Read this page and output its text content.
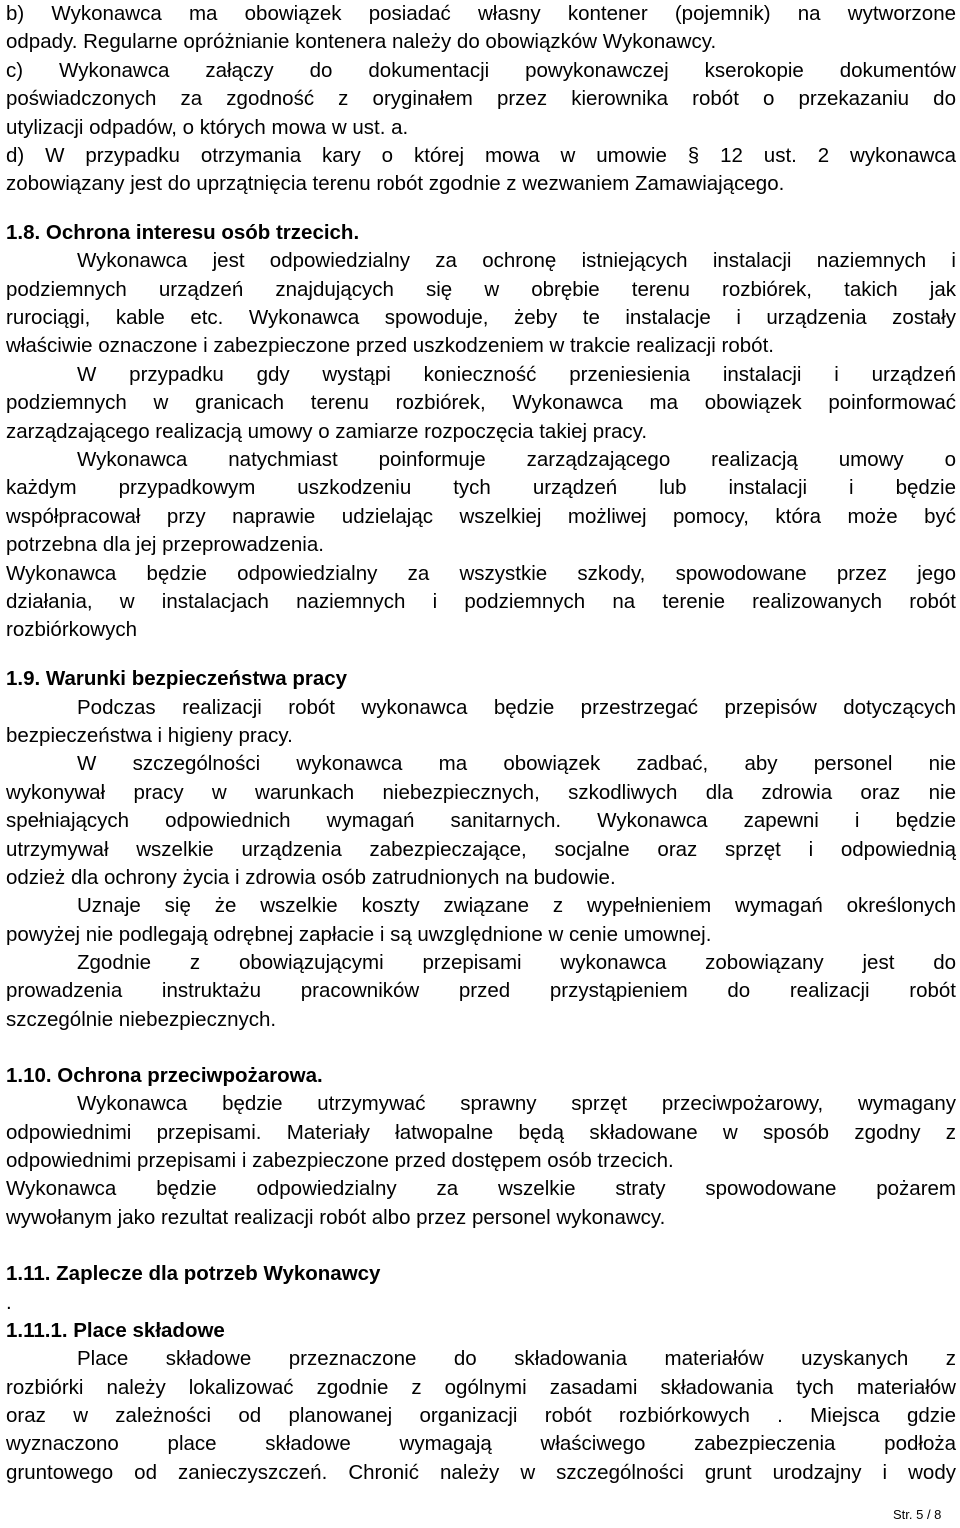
b) Wykonawca ma obowiązek posiadać własny kontener (pojemnik) na wytworzone
odpady. Regularne opróżnianie kontenera należy do obowiązków Wykonawcy.
c) Wykonawca załączy do dokumentacji powykonawczej kserokopie dokumentów
poświadczonych za zgodność z oryginałem przez kierownika robót o przekazaniu do
utylizacji odpadów, o których mowa w ust. a.
d) W przypadku otrzymania kary o której mowa w umowie § 12 ust. 2 wykonawca
zobowiązany jest do uprzątnięcia terenu robót zgodnie z wezwaniem Zamawiającego.
1.8. Ochrona interesu osób trzecich.
Wykonawca jest odpowiedzialny za ochronę istniejących instalacji naziemnych i
podziemnych urządzeń znajdujących się w obrębie terenu rozbiórek, takich jak
rurociągi, kable etc. Wykonawca spowoduje, żeby te instalacje i urządzenia zostały
właściwie oznaczone i zabezpieczone przed uszkodzeniem w trakcie realizacji robót.
W przypadku gdy wystąpi konieczność przeniesienia instalacji i urządzeń
podziemnych w granicach terenu rozbiórek, Wykonawca ma obowiązek poinformować
zarządzającego realizacją umowy o zamiarze rozpoczęcia takiej pracy.
Wykonawca natychmiast poinformuje zarządzającego realizacją umowy o
każdym przypadkowym uszkodzeniu tych urządzeń lub instalacji i będzie
współpracował przy naprawie udzielając wszelkiej możliwej pomocy, która może być
potrzebna dla jej przeprowadzenia.
Wykonawca będzie odpowiedzialny za wszystkie szkody, spowodowane przez jego
działania, w instalacjach naziemnych i podziemnych na terenie realizowanych robót
rozbiórkowych
1.9. Warunki bezpieczeństwa pracy
Podczas realizacji robót wykonawca będzie przestrzegać przepisów dotyczących
bezpieczeństwa i higieny pracy.
W szczególności wykonawca ma obowiązek zadbać, aby personel nie
wykonywał pracy w warunkach niebezpiecznych, szkodliwych dla zdrowia oraz nie
spełniających odpowiednich wymagań sanitarnych. Wykonawca zapewni i będzie
utrzymywał wszelkie urządzenia zabezpieczające, socjalne oraz sprzęt i odpowiednią
odzież dla ochrony życia i zdrowia osób zatrudnionych na budowie.
Uznaje się że wszelkie koszty związane z wypełnieniem wymagań określonych
powyżej nie podlegają odrębnej zapłacie i są uwzględnione w cenie umownej.
Zgodnie z obowiązującymi przepisami wykonawca zobowiązany jest do
prowadzenia instruktażu pracowników przed przystąpieniem do realizacji robót
szczególnie niebezpiecznych.
1.10. Ochrona przeciwpożarowa.
Wykonawca będzie utrzymywać sprawny sprzęt przeciwpożarowy, wymagany
odpowiednimi przepisami. Materiały łatwopalne będą składowane w sposób zgodny z
odpowiednimi przepisami i zabezpieczone przed dostępem osób trzecich.
Wykonawca będzie odpowiedzialny za wszelkie straty spowodowane pożarem
wywołanym jako rezultat realizacji robót albo przez personel wykonawcy.
1.11. Zaplecze dla potrzeb Wykonawcy
.
1.11.1. Place składowe
Place składowe przeznaczone do składowania materiałów uzyskanych z
rozbiórki należy lokalizować zgodnie z ogólnymi zasadami składowania tych materiałów
oraz w zależności od planowanej organizacji robót rozbiórkowych . Miejsca gdzie
wyznaczono place składowe wymagają właściwego zabezpieczenia podłoża
gruntowego od zanieczyszczeń. Chronić należy w szczególności grunt urodzajny i wody
Str. 5 / 8
